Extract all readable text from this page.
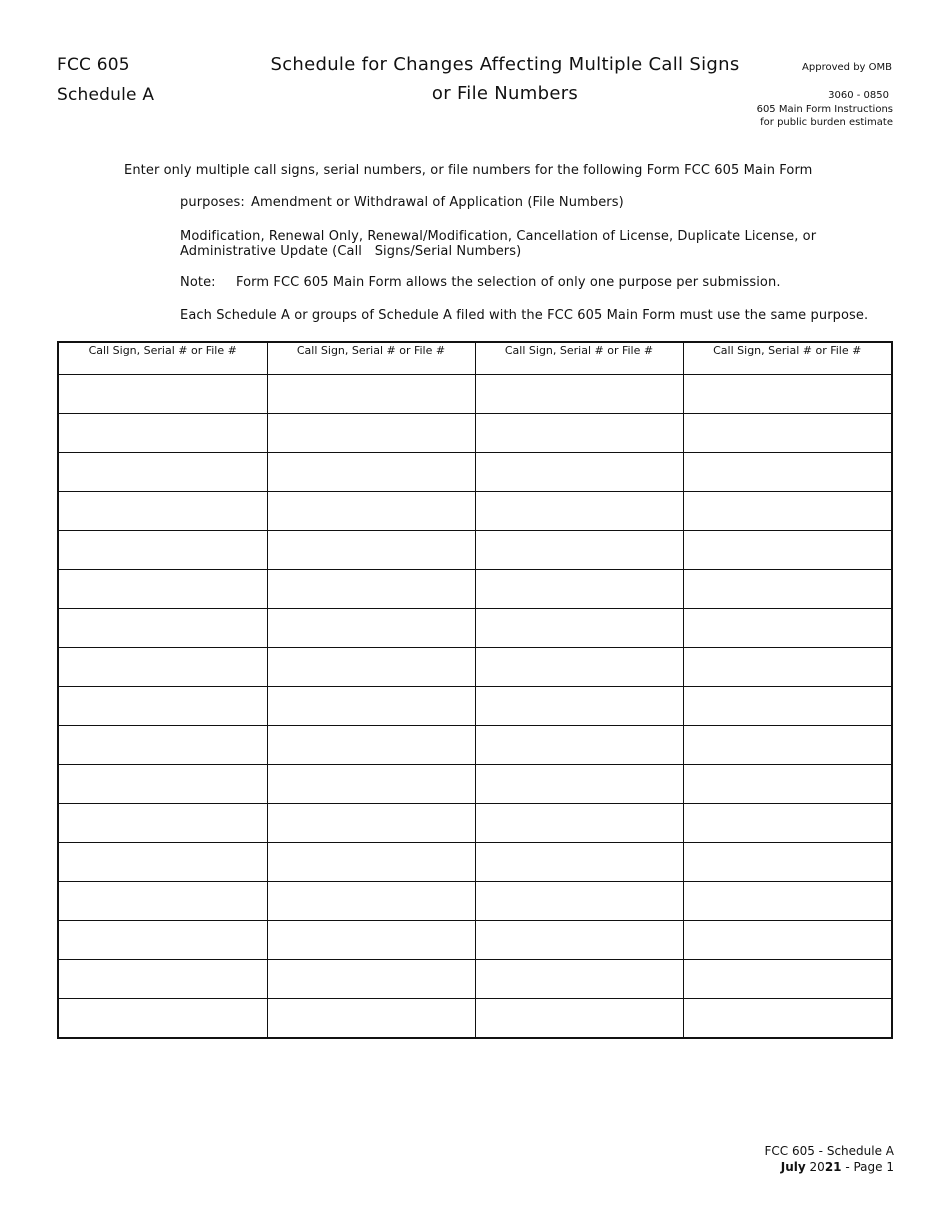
FCC 605
Schedule A
Schedule for Changes Affecting Multiple Call Signs
or File Numbers
Approved by OMB
3060 - 0850
605 Main Form Instructions
for public burden estimate
Enter only multiple call signs, serial numbers, or file numbers for the following Form FCC 605 Main Form
purposes: Amendment or Withdrawal of Application (File Numbers)
Modification, Renewal Only, Renewal/Modification, Cancellation of License, Duplicate License, or
Administrative Update (Call   Signs/Serial Numbers)
Note: Form FCC 605 Main Form allows the selection of only one purpose per submission.
Each Schedule A or groups of Schedule A filed with the FCC 605 Main Form must use the same purpose.
Call Sign, Serial # or File #	Call Sign, Serial # or File #	Call Sign, Serial # or File #	Call Sign, Serial # or File #

FCC 605 - Schedule A
July 2021 - Page 1
